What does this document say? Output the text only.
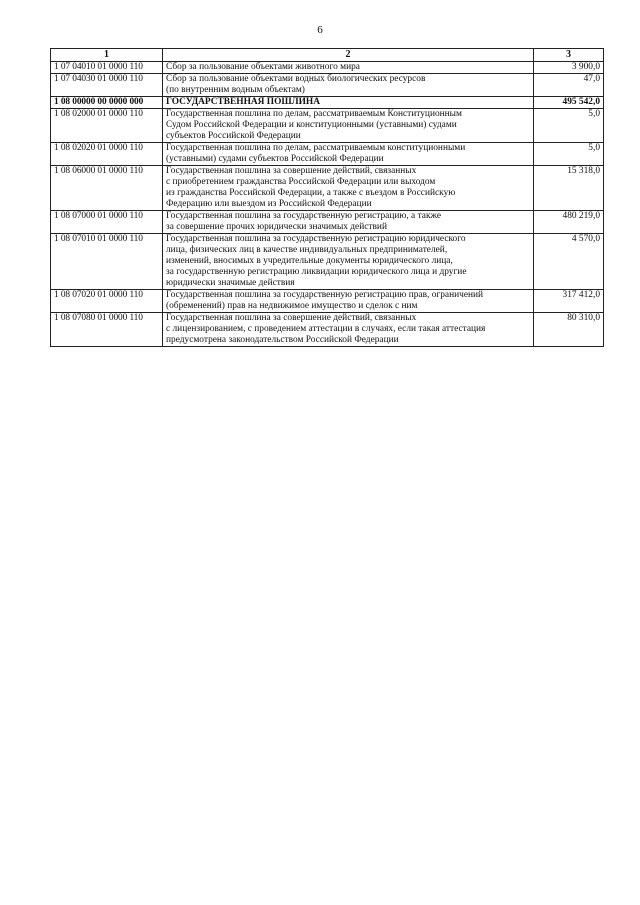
6
1	2	3
1 07 04010 01 0000 110	Сбор за пользование объектами животного мира	3 900,0
1 07 04030 01 0000 110	Сбор за пользование объектами водных биологических ресурсов
(по внутренним водным объектам)	47,0
1 08 00000 00 0000 000	ГОСУДАРСТВЕННАЯ ПОШЛИНА	495 542,0
1 08 02000 01 0000 110	Государственная пошлина по делам, рассматриваемым Конституционным
Судом Российской Федерации и конституционными (уставными) судами
субъектов Российской Федерации	5,0
1 08 02020 01 0000 110	Государственная пошлина по делам, рассматриваемым конституционными
(уставными) судами субъектов Российской Федерации	5,0
1 08 06000 01 0000 110	Государственная пошлина за совершение действий, связанных
с приобретением гражданства Российской Федерации или выходом
из гражданства Российской Федерации, а также с въездом в Российскую
Федерацию или выездом из Российской Федерации	15 318,0
1 08 07000 01 0000 110	Государственная пошлина за государственную регистрацию, а также
за совершение прочих юридически значимых действий	480 219,0
1 08 07010 01 0000 110	Государственная пошлина за государственную регистрацию юридического
лица, физических лиц в качестве индивидуальных предпринимателей,
изменений, вносимых в учредительные документы юридического лица,
за государственную регистрацию ликвидации юридического лица и другие
юридически значимые действия	4 570,0
1 08 07020 01 0000 110	Государственная пошлина за государственную регистрацию прав, ограничений
(обременений) прав на недвижимое имущество и сделок с ним	317 412,0
1 08 07080 01 0000 110	Государственная пошлина за совершение действий, связанных
с лицензированием, с проведением аттестации в случаях, если такая аттестация
предусмотрена законодательством Российской Федерации	80 310,0
